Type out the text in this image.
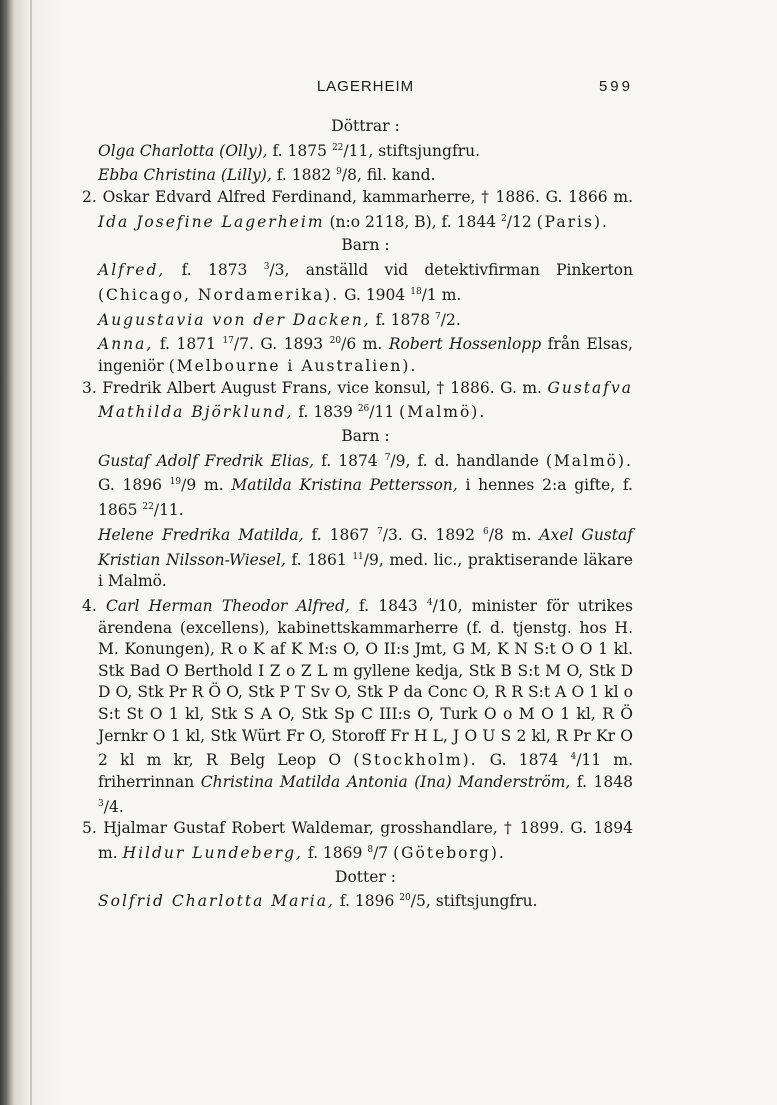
LAGERHEIM	599

Döttrar :

Olga Charlotta (Olly), f. 1875 $^{22}$/11, stiftsjungfru.

Ebba Christina (Lilly), f. 1882 $^9$/8, fil. kand.

2. Oskar Edvard Alfred Ferdinand, kammarherre, † 1886. G. 1866 m. Ida Josefine Lagerheim (n:o 2118, B), f. 1844 $^2$/12 (Paris).

Barn :

Alfred, f. 1873 $^3$/3, anställd vid detektivfirman Pinkerton (Chicago, Nordamerika). G. 1904 $^{18}$/1 m.

Augustavia von der Dacken, f. 1878 $^7$/2.

Anna, f. 1871 $^{17}$/7. G. 1893 $^{20}$/6 m. Robert Hossenlopp från Elsas, ingeniör (Melbourne i Australien).

3. Fredrik Albert August Frans, vice konsul, † 1886. G. m. Gustafva Mathilda Björklund, f. 1839 $^{26}$/11 (Malmö).

Barn :

Gustaf Adolf Fredrik Elias, f. 1874 $^7$/9, f. d. handlande (Malmö). G. 1896 $^{19}$/9 m. Matilda Kristina Pettersson, i hennes 2:a gifte, f. 1865 $^{22}$/11.

Helene Fredrika Matilda, f. 1867 $^7$/3. G. 1892 $^6$/8 m. Axel Gustaf Kristian Nilsson-Wiesel, f. 1861 $^{11}$/9, med. lic., praktiserande läkare i Malmö.

4. Carl Herman Theodor Alfred, f. 1843 $^4$/10, minister för utrikes ärendena (excellens), kabinettskammarherre (f. d. tjenstg. hos H. M. Konungen), R o K af K M:s O, O II:s Jmt, G M, K N S:t O O 1 kl. Stk Bad O Berthold I Z o Z L m gyllene kedja, Stk B S:t M O, Stk D D O, Stk Pr R Ö O, Stk P T Sv O, Stk P da Conc O, R R S:t A O 1 kl o S:t St O 1 kl, Stk S A O, Stk Sp C III:s O, Turk O o M O 1 kl, R Ö Jernkr O 1 kl, Stk Würt Fr O, Storoff Fr H L, J O U S 2 kl, R Pr Kr O 2 kl m kr, R Belg Leop O (Stockholm). G. 1874 $^4$/11 m. friherrinnan Christina Matilda Antonia (Ina) Manderström, f. 1848 $^3$/4.

5. Hjalmar Gustaf Robert Waldemar, grosshandlare, † 1899. G. 1894 m. Hildur Lundeberg, f. 1869 $^8$/7 (Göteborg).

Dotter :

Solfrid Charlotta Maria, f. 1896 $^{20}$/5, stiftsjungfru.
